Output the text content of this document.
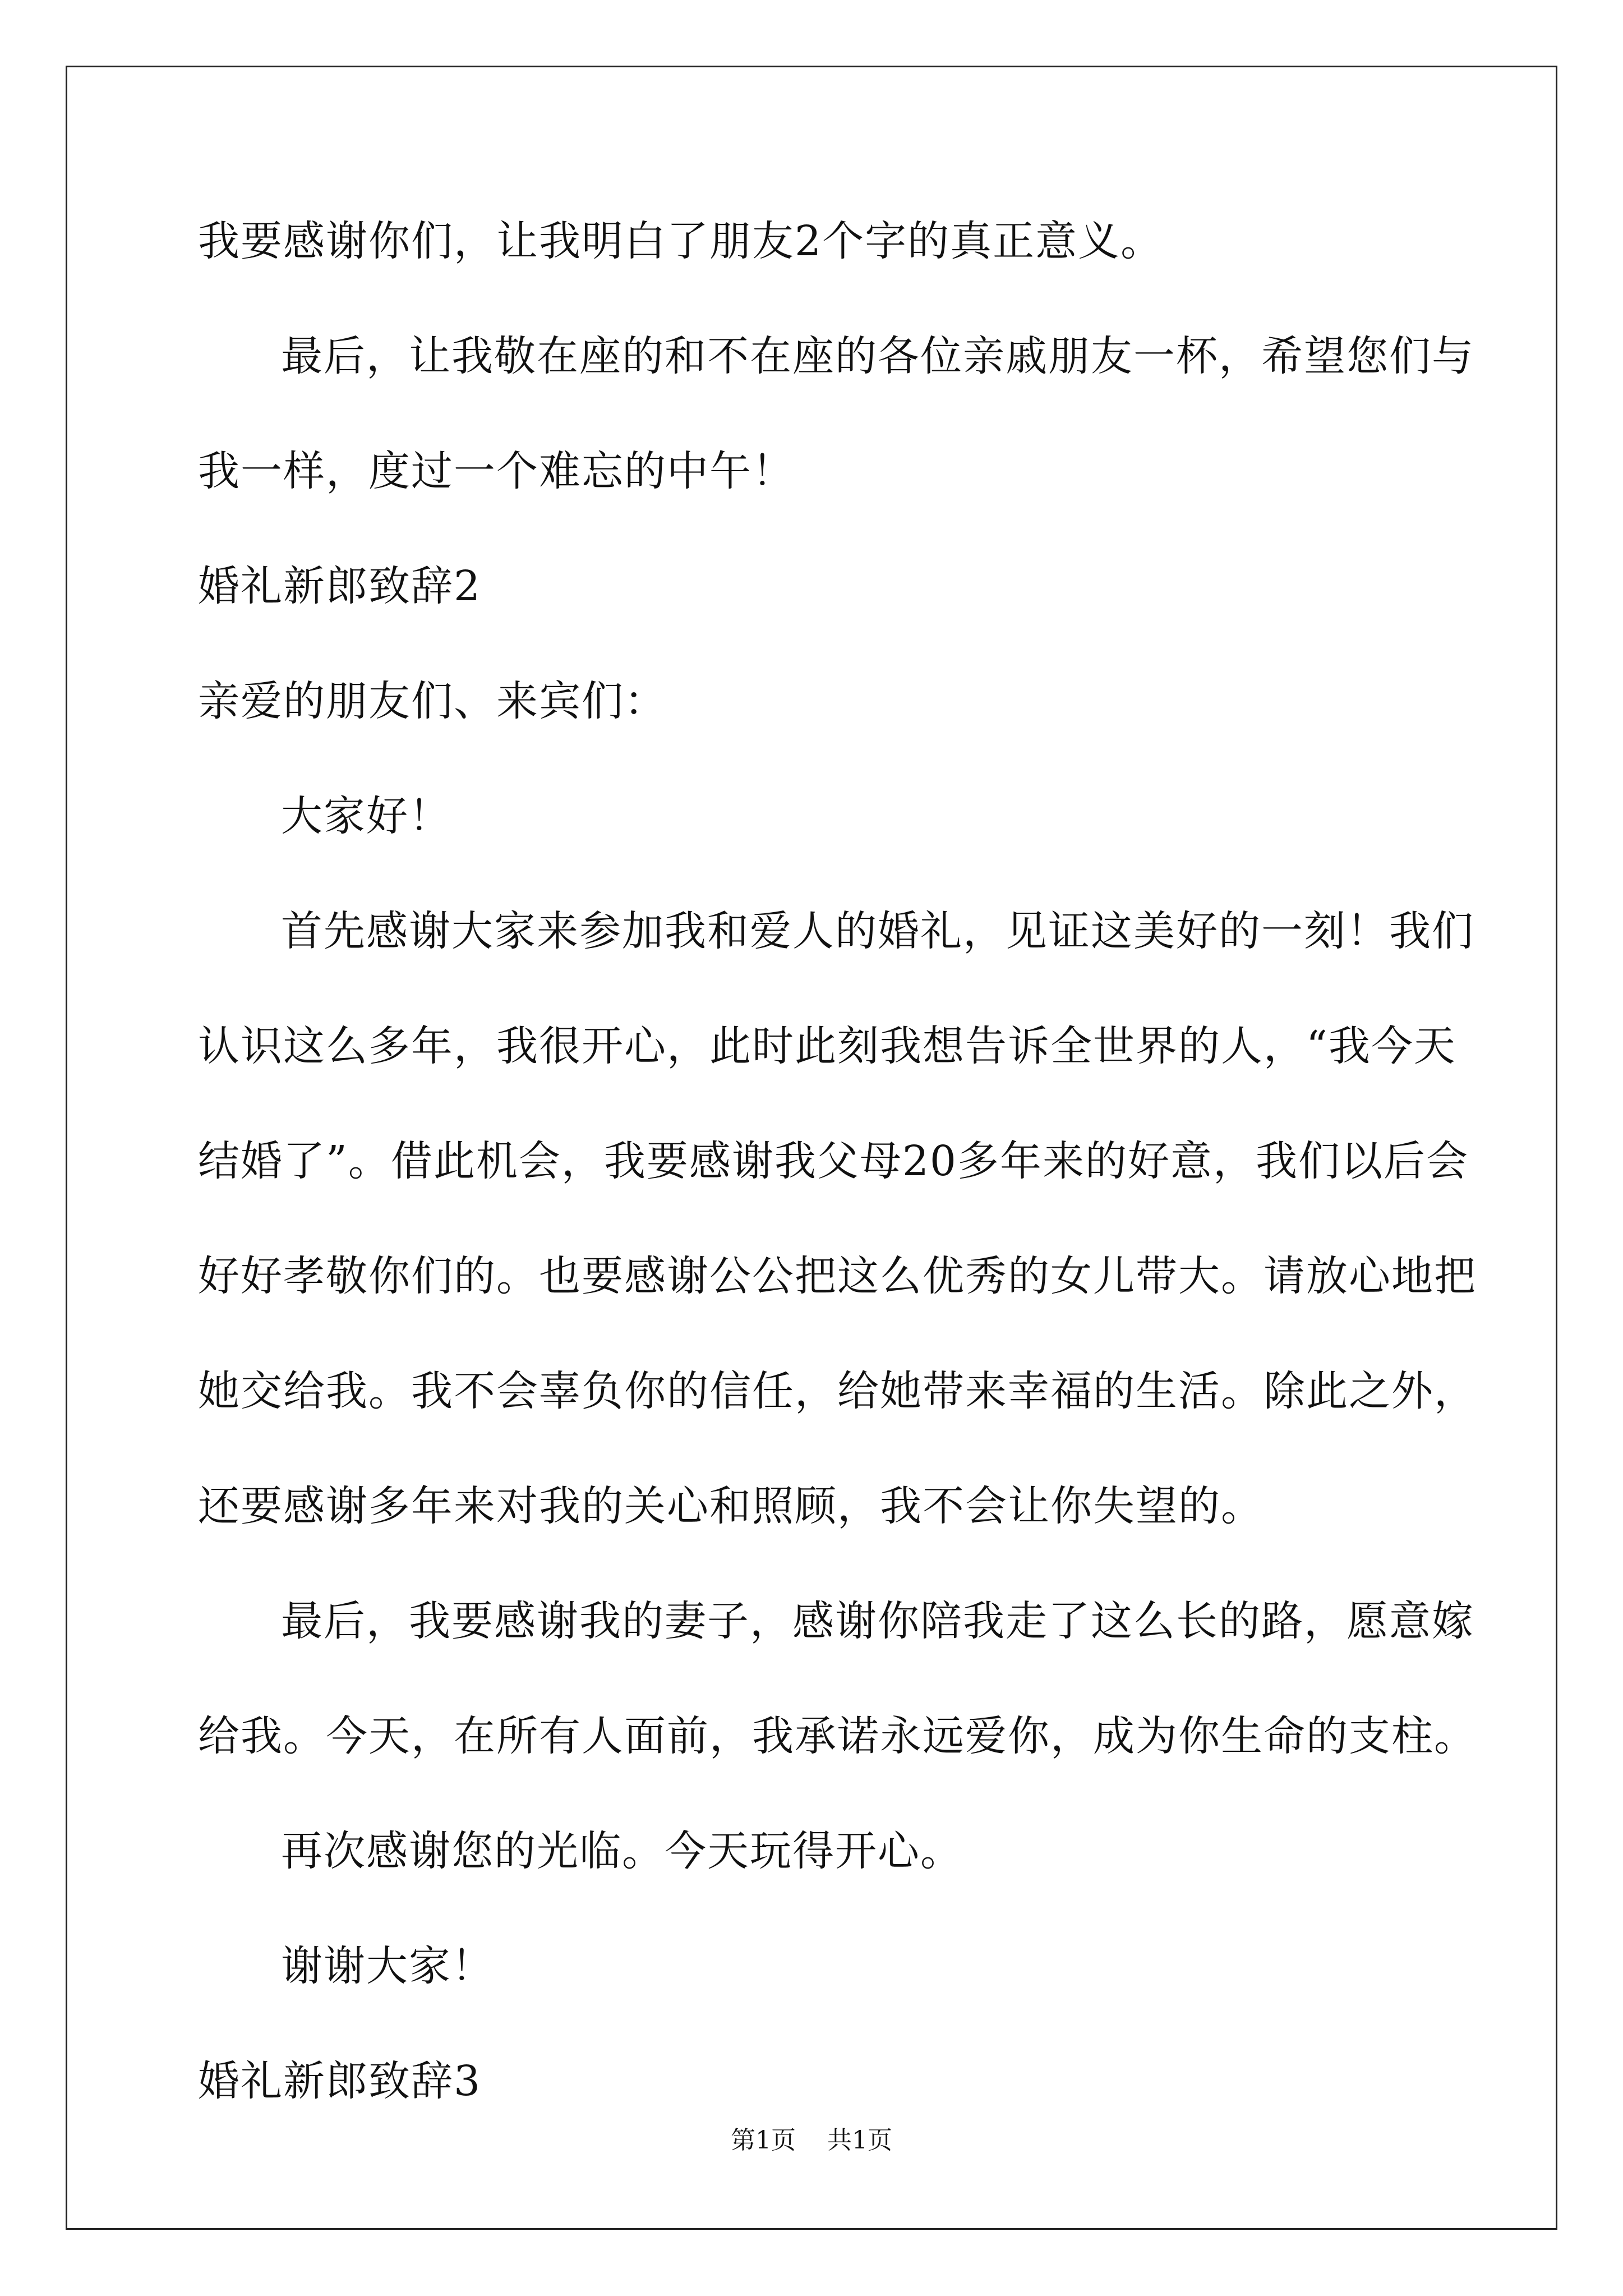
我要感谢你们，让我明白了朋友2个字的真正意义。
最后，让我敬在座的和不在座的各位亲戚朋友一杯，希望您们与
我一样，度过一个难忘的中午！
婚礼新郎致辞2
亲爱的朋友们、来宾们：
大家好！
首先感谢大家来参加我和爱人的婚礼，见证这美好的一刻！我们
认识这么多年，我很开心，此时此刻我想告诉全世界的人，“我今天
结婚了”。借此机会，我要感谢我父母20多年来的好意，我们以后会
好好孝敬你们的。也要感谢公公把这么优秀的女儿带大。请放心地把
她交给我。我不会辜负你的信任，给她带来幸福的生活。除此之外，
还要感谢多年来对我的关心和照顾，我不会让你失望的。
最后，我要感谢我的妻子，感谢你陪我走了这么长的路，愿意嫁
给我。今天，在所有人面前，我承诺永远爱你，成为你生命的支柱。
再次感谢您的光临。今天玩得开心。
谢谢大家！
婚礼新郎致辞3
第1页    共1页
